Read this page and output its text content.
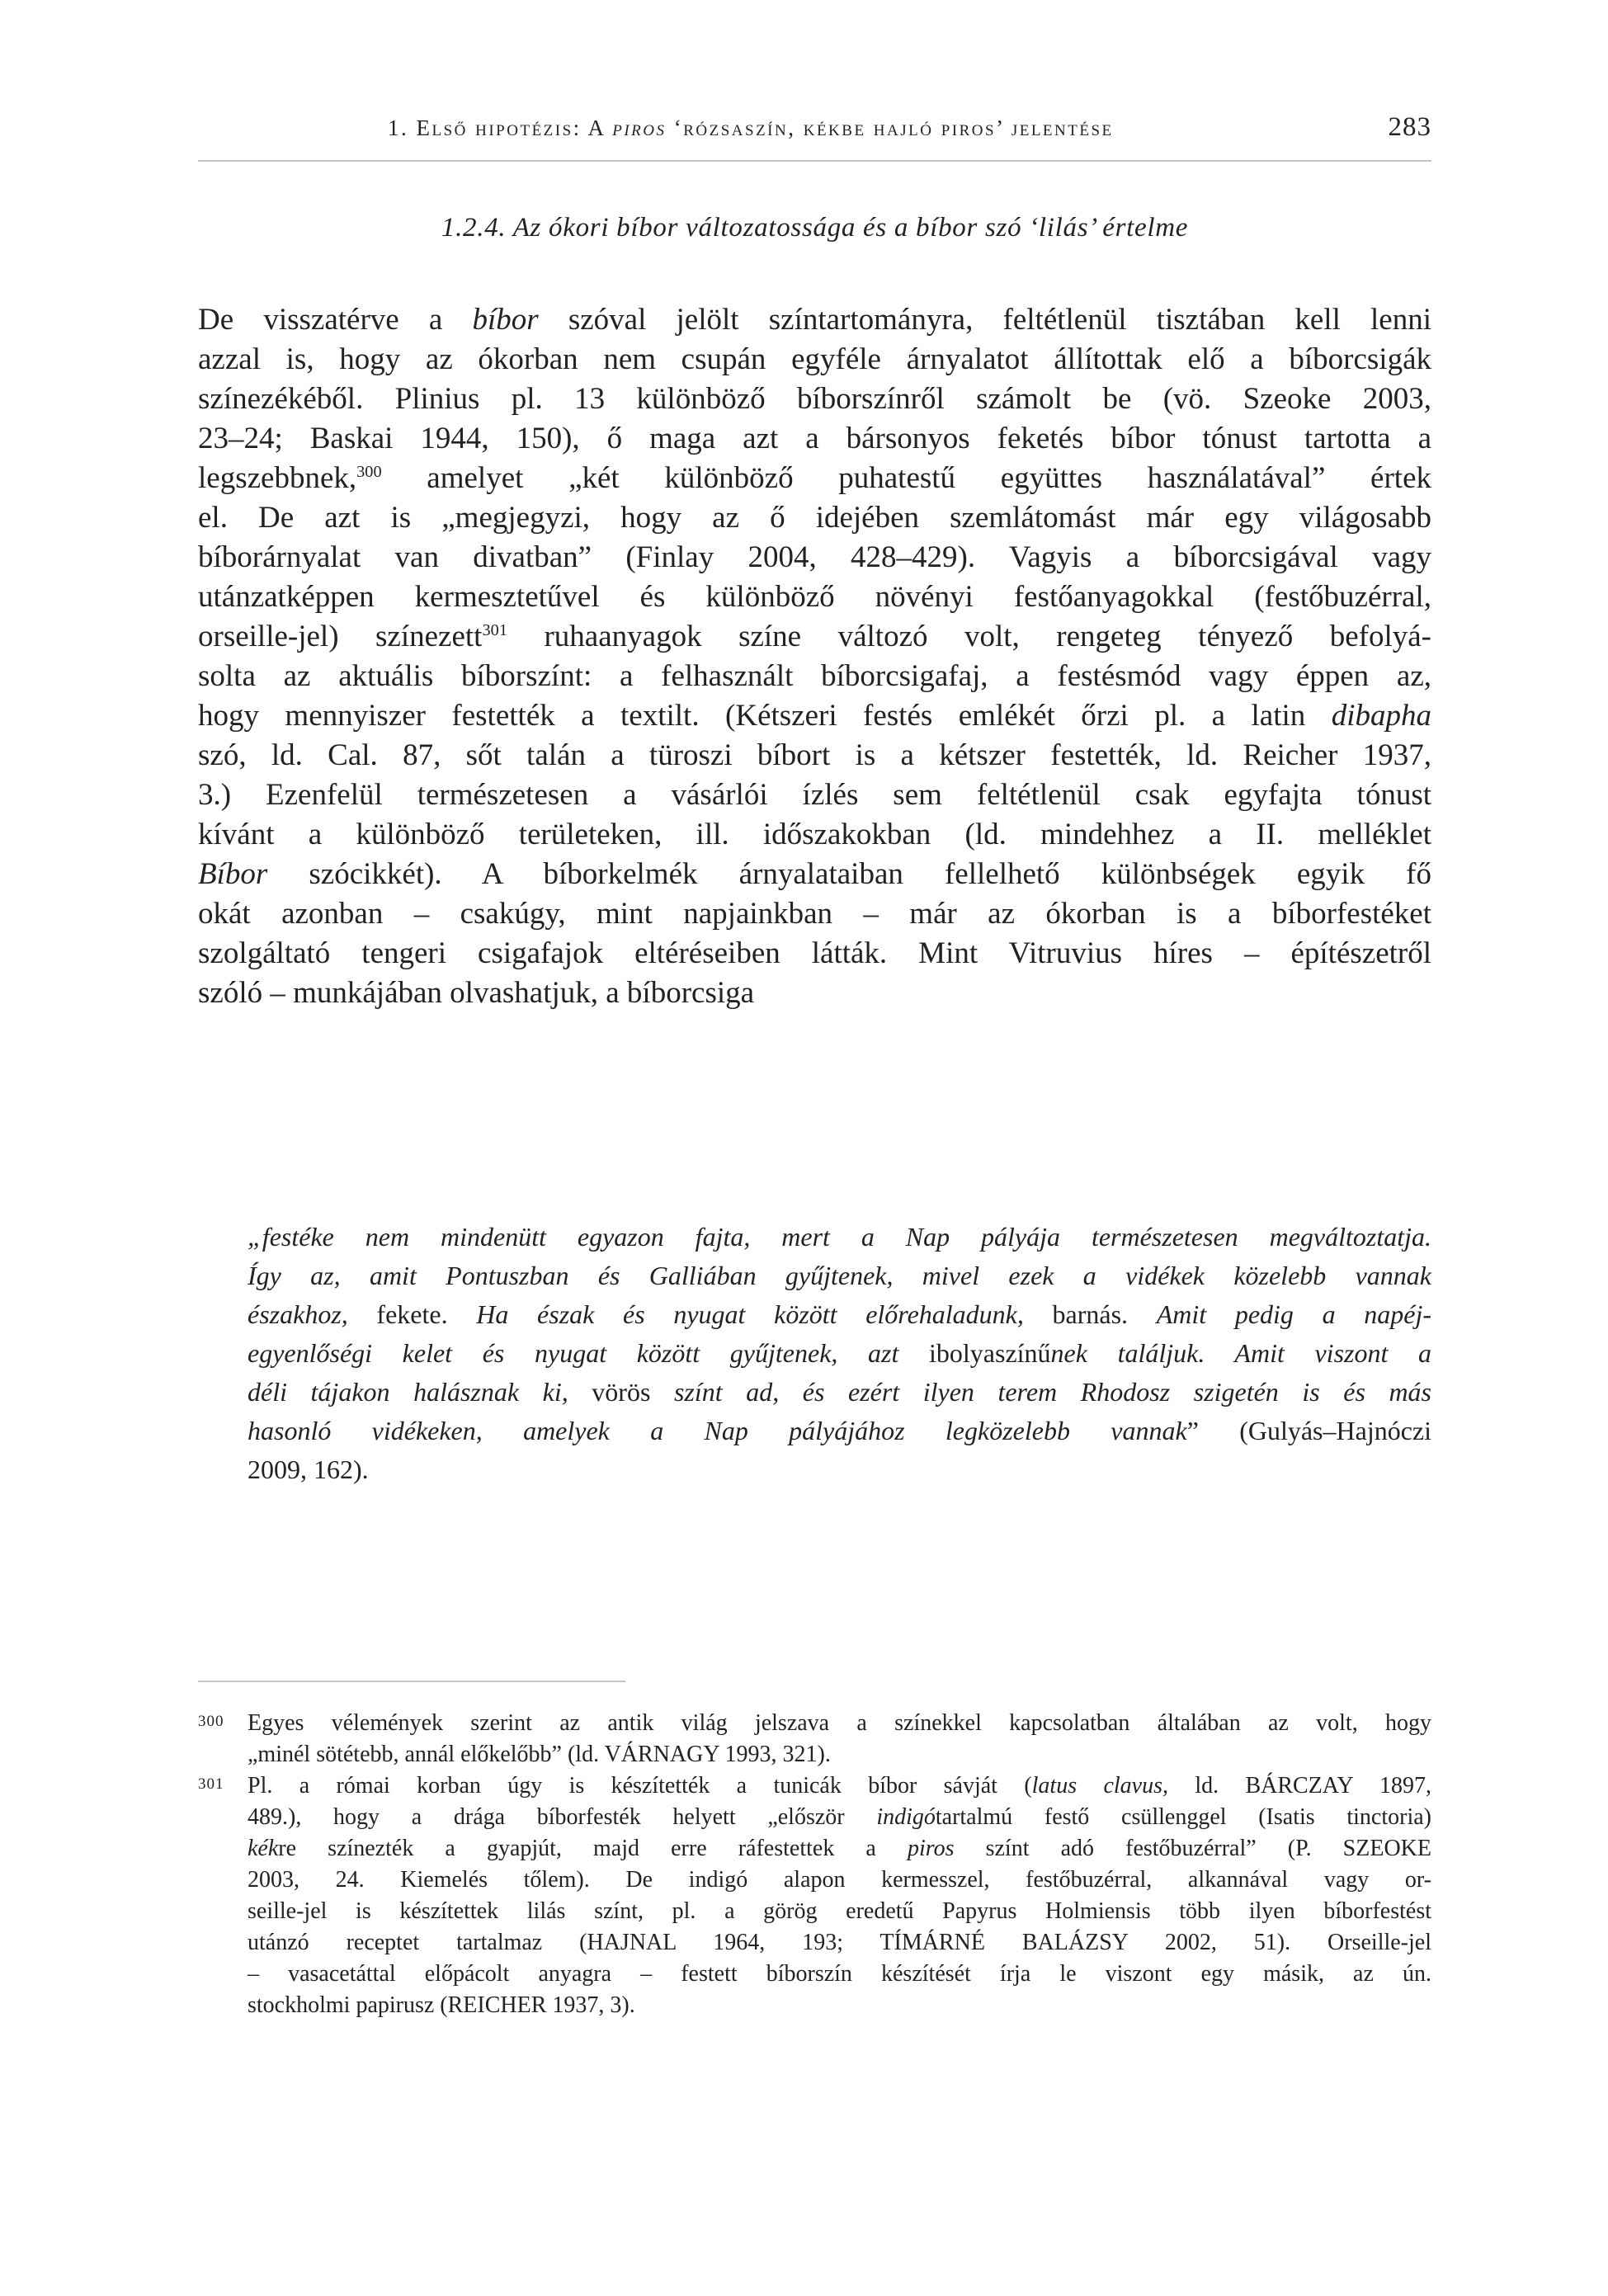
1. Első hipotézis: A piros ‘rózsaszín, kékbe hajló piros’ jelentése	283
1.2.4. Az ókori bíbor változatossága és a bíbor szó ‘lilás’ értelme
De visszatérve a bíbor szóval jelölt színtartományra, feltétlenül tisztában kell lenni
azzal is, hogy az ókorban nem csupán egyféle árnyalatot állítottak elő a bíborcsigák
színezékéből. Plinius pl. 13 különböző bíborszínről számolt be (vö. Szeoke 2003,
23–24; Baskai 1944, 150), ő maga azt a bársonyos feketés bíbor tónust tartotta a
legszebbnek,$^{300}$ amelyet „két különböző puhatestű együttes használatával” értek
el. De azt is „megjegyzi, hogy az ő idejében szemlátomást már egy világosabb
bíborárnyalat van divatban” (Finlay 2004, 428–429). Vagyis a bíborcsigával vagy
utánzatképpen kermesztetűvel és különböző növényi festőanyagokkal (festőbuzérral,
orseille-jel) színezett$^{301}$ ruhaanyagok színe változó volt, rengeteg tényező befolyá-
solta az aktuális bíborszínt: a felhasznált bíborcsigafaj, a festésmód vagy éppen az,
hogy mennyiszer festették a textilt. (Kétszeri festés emlékét őrzi pl. a latin dibapha
szó, ld. Cal. 87, sőt talán a türoszi bíbort is a kétszer festették, ld. Reicher 1937,
3.) Ezenfelül természetesen a vásárlói ízlés sem feltétlenül csak egyfajta tónust
kívánt a különböző területeken, ill. időszakokban (ld. mindehhez a II. melléklet
Bíbor szócikkét). A bíborkelmék árnyalataiban fellelhető különbségek egyik fő
okát azonban – csakúgy, mint napjainkban – már az ókorban is a bíborfestéket
szolgáltató tengeri csigafajok eltéréseiben látták. Mint Vitruvius híres – építészetről
szóló – munkájában olvashatjuk, a bíborcsiga
„festéke nem mindenütt egyazon fajta, mert a Nap pályája természetesen megváltoztatja.
Így az, amit Pontuszban és Galliában gyűjtenek, mivel ezek a vidékek közelebb vannak
északhoz, fekete. Ha észak és nyugat között előrehaladunk, barnás. Amit pedig a napéj-
egyenlőségi kelet és nyugat között gyűjtenek, azt ibolyaszínűnek találjuk. Amit viszont a
déli tájakon halásznak ki, vörös színt ad, és ezért ilyen terem Rhodosz szigetén is és más
hasonló vidékeken, amelyek a Nap pályájához legközelebb vannak” (Gulyás–Hajnóczi
2009, 162).
300 Egyes vélemények szerint az antik világ jelszava a színekkel kapcsolatban általában az volt, hogy
„minél sötétebb, annál előkelőbb” (ld. VÁRNAGY 1993, 321).
301 Pl. a római korban úgy is készítették a tunicák bíbor sávját (latus clavus, ld. BÁRCZAY 1897,
489.), hogy a drága bíborfesték helyett „először indigótartalmú festő csüllenggel (Isatis tinctoria)
kékre színezték a gyapjút, majd erre ráfestettek a piros színt adó festőbuzérral” (P. SZEOKE
2003, 24. Kiemelés tőlem). De indigó alapon kermesszel, festőbuzérral, alkannával vagy or-
seille-jel is készítettek lilás színt, pl. a görög eredetű Papyrus Holmiensis több ilyen bíborfestést
utánzó receptet tartalmaz (HAJNAL 1964, 193; TÍMÁRNÉ BALÁZSY 2002, 51). Orseille-jel
– vasacetáttal előpácolt anyagra – festett bíborszín készítését írja le viszont egy másik, az ún.
stockholmi papirusz (REICHER 1937, 3).
